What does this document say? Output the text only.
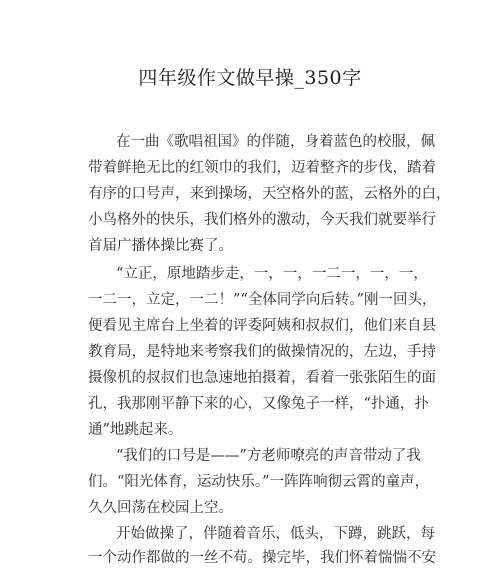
四年级作文做早操_350字
在一曲《歌唱祖国》的伴随，身着蓝色的校服，佩
带着鲜艳无比的红领巾的我们，迈着整齐的步伐，踏着
有序的口号声，来到操场，天空格外的蓝，云格外的白，
小鸟格外的快乐，我们格外的激动，今天我们就要举行
首届广播体操比赛了。
“立正，原地踏步走，一，一，一二一，一，一，
一二一，立定，一二！”“全体同学向后转。”刚一回头，
便看见主席台上坐着的评委阿姨和叔叔们，他们来自县
教育局，是特地来考察我们的做操情况的，左边，手持
摄像机的叔叔们也急速地拍摄着，看着一张张陌生的面
孔，我那刚平静下来的心，又像兔子一样，“扑通，扑
通”地跳起来。
“我们的口号是——”方老师嘹亮的声音带动了我
们。“阳光体育，运动快乐。”一阵阵响彻云霄的童声，
久久回荡在校园上空。
开始做操了，伴随着音乐，低头，下蹲，跳跃，每
一个动作都做的一丝不苟。操完毕，我们怀着惴惴不安
